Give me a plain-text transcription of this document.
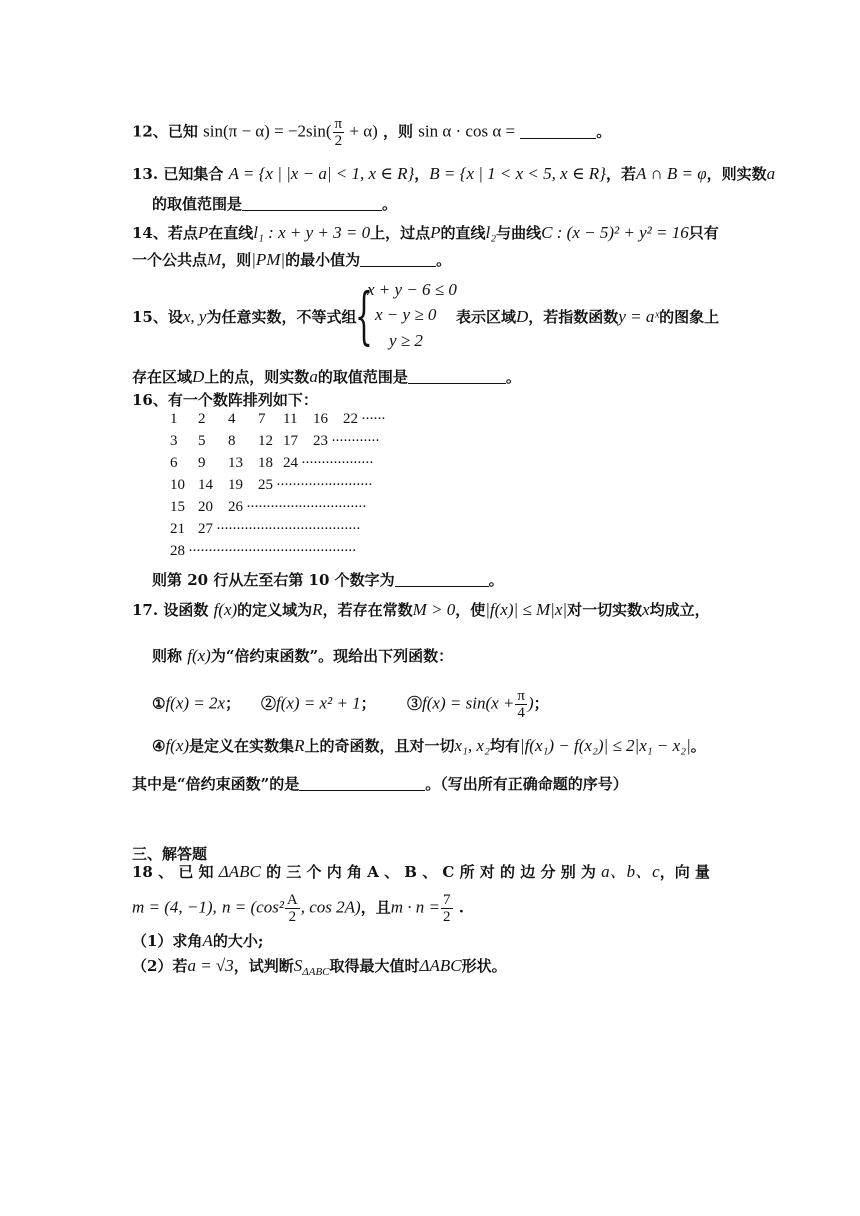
12、已知 $\sin(\pi - \alpha) = -2\sin( \frac{\pi}{2} + \alpha)$ ，则 sin α · cos α =	。
13. 已知集合 A = {x | |x − a| < 1, x ∈ R}，B = {x | 1 < x < 5, x ∈ R}，若A ∩ B = φ，则实数a
的取值范围是	。
14、若点P在直线l₁ : x + y + 3 = 0上，过点P的直线l₂与曲线C : (x − 5)² + y² = 16只有
一个公共点M，则|PM|的最小值为	。
15、设x, y为任意实数，不等式组
{
x + y − 6 ≤ 0
x − y ≥ 0
y ≥ 2
表示区域D，若指数函数y = aˣ的图象上
存在区域D上的点，则实数a的取值范围是	。
16、有一个数阵排列如下：
1 2 4 7 11 16 22 ······
3 5 8 12 17 23 ············
6 9 13 18 24 ··················
10 14 19 25 ························
15 20 26 ······························
21 27 ····································
28 ··········································
则第 20 行从左至右第 10 个数字为	。
17. 设函数 f(x)的定义域为R，若存在常数M > 0，使|f(x)| ≤ M|x|对一切实数x均成立，
则称 f(x)为“倍约束函数”。现给出下列函数：
①f(x) = 2x； ②f(x) = x² + 1； ③f(x) = $\sin(x + \frac{\pi}{4}$ )；
④f(x)是定义在实数集R上的奇函数，且对一切x₁, x₂均有|f(x₁) − f(x₂)| ≤ 2|x₁ − x₂|。
其中是“倍约束函数”的是	。（写出所有正确命题的序号）
三、解答题
18 、 已 知 ΔABC 的 三 个 内 角 A 、 B 、 C 所 对 的 边 分 别 为 a、b、c，向 量
m = (4, −1), $n = (\cos^2 \frac{A}{2}$ , cos 2A)，且$m \cdot n = \frac{7}{2}$ .
（1）求角A的大小;
（2）若a = √3，试判断$S_{\Delta ABC}$取得最大值时ΔABC形状。
